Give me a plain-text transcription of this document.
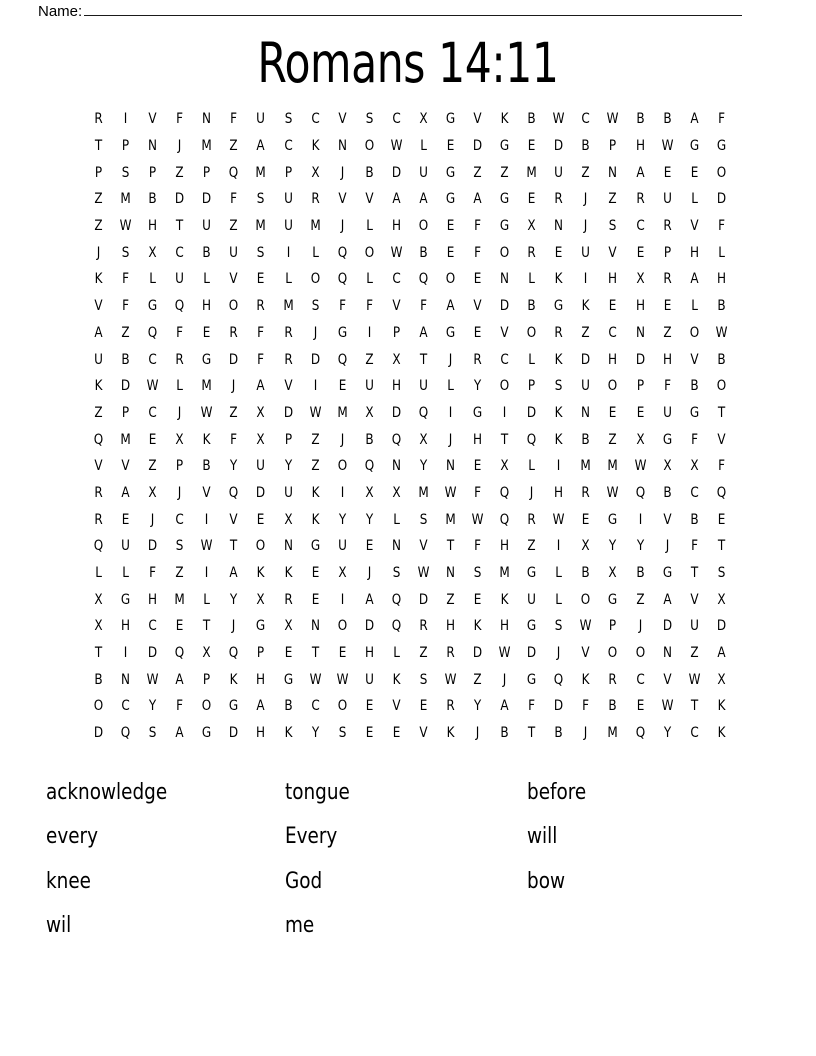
Name:
Romans 14:11
R	I	V	F	N	F	U	S	C	V	S	C	X	G	V	K	B	W	C	W	B	B	A	F
T	P	N	J	M	Z	A	C	K	N	O	W	L	E	D	G	E	D	B	P	H	W	G	G
P	S	P	Z	P	Q	M	P	X	J	B	D	U	G	Z	Z	M	U	Z	N	A	E	E	O
Z	M	B	D	D	F	S	U	R	V	V	A	A	G	A	G	E	R	J	Z	R	U	L	D
Z	W	H	T	U	Z	M	U	M	J	L	H	O	E	F	G	X	N	J	S	C	R	V	F
J	S	X	C	B	U	S	I	L	Q	O	W	B	E	F	O	R	E	U	V	E	P	H	L
K	F	L	U	L	V	E	L	O	Q	L	C	Q	O	E	N	L	K	I	H	X	R	A	H
V	F	G	Q	H	O	R	M	S	F	F	V	F	A	V	D	B	G	K	E	H	E	L	B
A	Z	Q	F	E	R	F	R	J	G	I	P	A	G	E	V	O	R	Z	C	N	Z	O	W
U	B	C	R	G	D	F	R	D	Q	Z	X	T	J	R	C	L	K	D	H	D	H	V	B
K	D	W	L	M	J	A	V	I	E	U	H	U	L	Y	O	P	S	U	O	P	F	B	O
Z	P	C	J	W	Z	X	D	W	M	X	D	Q	I	G	I	D	K	N	E	E	U	G	T
Q	M	E	X	K	F	X	P	Z	J	B	Q	X	J	H	T	Q	K	B	Z	X	G	F	V
V	V	Z	P	B	Y	U	Y	Z	O	Q	N	Y	N	E	X	L	I	M	M	W	X	X	F
R	A	X	J	V	Q	D	U	K	I	X	X	M	W	F	Q	J	H	R	W	Q	B	C	Q
R	E	J	C	I	V	E	X	K	Y	Y	L	S	M	W	Q	R	W	E	G	I	V	B	E
Q	U	D	S	W	T	O	N	G	U	E	N	V	T	F	H	Z	I	X	Y	Y	J	F	T
L	L	F	Z	I	A	K	K	E	X	J	S	W	N	S	M	G	L	B	X	B	G	T	S
X	G	H	M	L	Y	X	R	E	I	A	Q	D	Z	E	K	U	L	O	G	Z	A	V	X
X	H	C	E	T	J	G	X	N	O	D	Q	R	H	K	H	G	S	W	P	J	D	U	D
T	I	D	Q	X	Q	P	E	T	E	H	L	Z	R	D	W	D	J	V	O	O	N	Z	A
B	N	W	A	P	K	H	G	W	W	U	K	S	W	Z	J	G	Q	K	R	C	V	W	X
O	C	Y	F	O	G	A	B	C	O	E	V	E	R	Y	A	F	D	F	B	E	W	T	K
D	Q	S	A	G	D	H	K	Y	S	E	E	V	K	J	B	T	B	J	M	Q	Y	C	K
acknowledge	tongue	before
every	Every	will
knee	God	bow
wil	me
